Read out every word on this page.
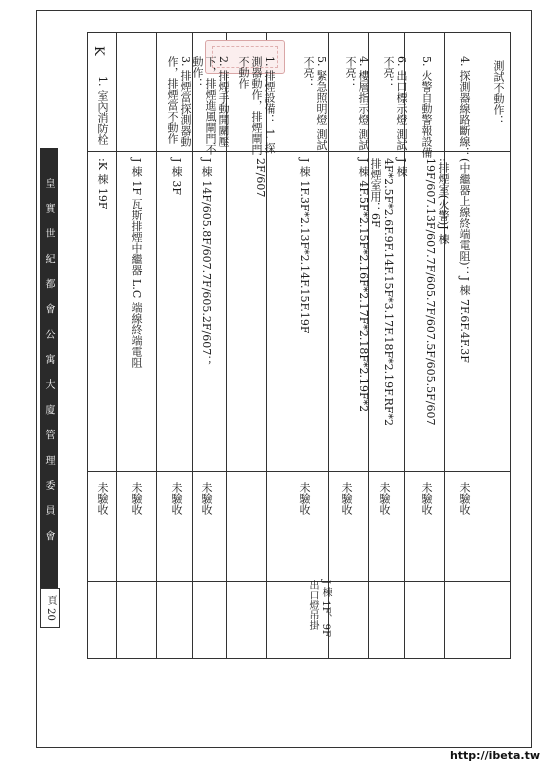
皇 實 世 紀 都 會 公 寓 大 廈 管 理 委 員 會
頁 20
測試不動作：
K
4. 探測器線路斷線：
(中繼器上線終端電阻)：J 棟 7F.6F.4F.3F
未驗收
5. 火警自動警報設備
:排煙室(火警)J 棟 19F/607.13F/607.7F/605.7F/607.5F/605.5F/607
未驗收
6. 出口標示燈 測試不亮：
J 棟 4F*2.5F*2.6F.9F.14F.15F*3.17F.18F*2.19F.RF*2 排煙室用：6F
未驗收
4. 樓層指示燈 測試不亮：
J 棟 4F.5F*2.15F*2.16F*2.17F*2.18F*2.19F*2
未驗收
5. 緊急照明燈 測試不亮：
J 棟 1F.3F*2.13F*2.14F.15F.19F
未驗收
J 棟 1F、9F 出口燈吊掛
1. 排煙設備： 1. 探測器動作，排煙閘門不動作
2F/607
2. 排煙手動開關壓下，排煙進風閘門不動作：
J 棟 14F/605.8F/607.7F/605.2F/607；
未驗收
3. 排煙當探測器動作，排煙當不動作
J 棟 3F
未驗收
J 棟 1F 瓦斯排煙中繼器 L.C 端線終端電阻
未驗收
1. 室內消防栓
:K 棟 19F
未驗收
http://ibeta.tw
